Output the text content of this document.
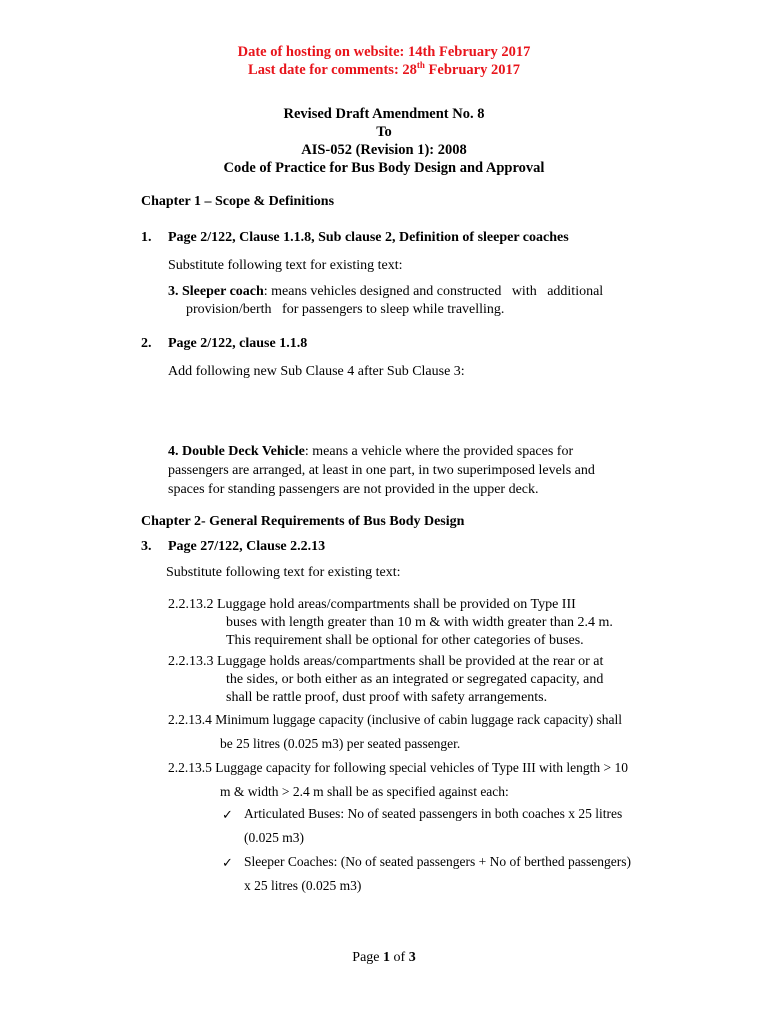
Date of hosting on website: 14th February 2017
Last date for comments: 28th February 2017
Revised Draft Amendment No. 8
To
AIS-052 (Revision 1): 2008
Code of Practice for Bus Body Design and Approval
Chapter 1 – Scope & Definitions
1. Page 2/122, Clause 1.1.8, Sub clause 2, Definition of sleeper coaches
Substitute following text for existing text:
3. Sleeper coach: means vehicles designed and constructed   with   additional
provision/berth   for passengers to sleep while travelling.
2. Page 2/122, clause 1.1.8
Add following new Sub Clause 4 after Sub Clause 3:
4. Double Deck Vehicle: means a vehicle where the provided spaces for
passengers are arranged, at least in one part, in two superimposed levels and
spaces for standing passengers are not provided in the upper deck.
Chapter 2- General Requirements of Bus Body Design
3. Page 27/122, Clause 2.2.13
Substitute following text for existing text:
2.2.13.2 Luggage hold areas/compartments shall be provided on Type III
buses with length greater than 10 m & with width greater than 2.4 m.
This requirement shall be optional for other categories of buses.
2.2.13.3 Luggage holds areas/compartments shall be provided at the rear or at
the sides, or both either as an integrated or segregated capacity, and
shall be rattle proof, dust proof with safety arrangements.
2.2.13.4 Minimum luggage capacity (inclusive of cabin luggage rack capacity) shall
be 25 litres (0.025 m3) per seated passenger.
2.2.13.5 Luggage capacity for following special vehicles of Type III with length > 10
m & width > 2.4 m shall be as specified against each:
✓ Articulated Buses: No of seated passengers in both coaches x 25 litres
(0.025 m3)
✓ Sleeper Coaches: (No of seated passengers + No of berthed passengers)
x 25 litres (0.025 m3)
Page 1 of 3
